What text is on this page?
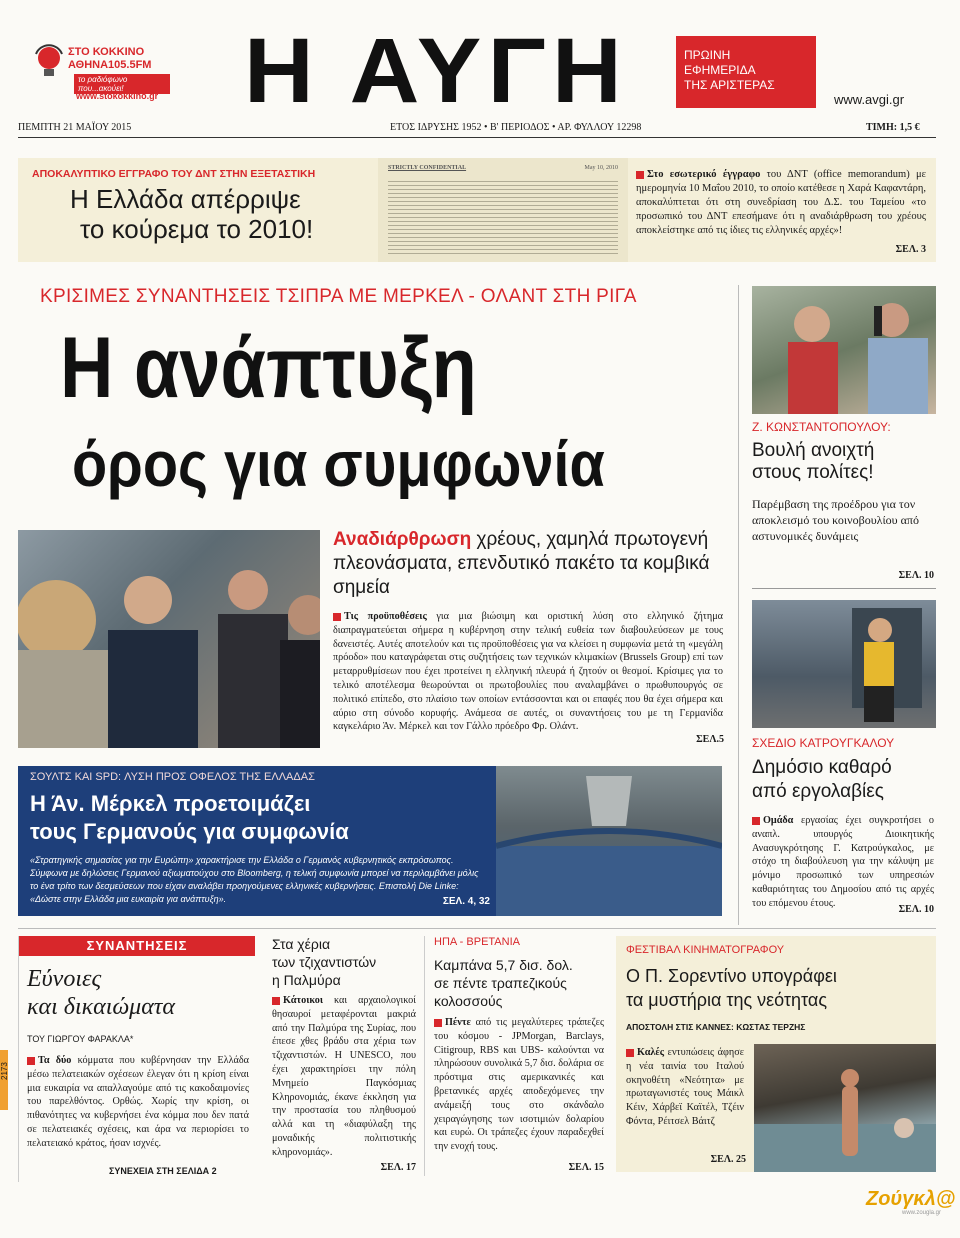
ΣΤΟ ΚΟΚΚΙΝΟ
ΑΘΗΝΑ105.5FM
το ραδιόφωνο που...ακούει!
www.stokokkino.gr Η ΑΥΓΗ	ΠΡΩΙΝΗ
ΕΦΗΜΕΡΙΔΑ
ΤΗΣ ΑΡΙΣΤΕΡΑΣ
www.avgi.gr
ΠΕΜΠΤΗ 21 ΜΑΪΟΥ 2015	ΕΤΟΣ ΙΔΡΥΣΗΣ 1952 • Β' ΠΕΡΙΟΔΟΣ • ΑΡ. ΦΥΛΛΟΥ 12298	ΤΙΜΗ: 1,5 €
ΑΠΟΚΑΛΥΠΤΙΚΟ ΕΓΓΡΑΦΟ ΤΟΥ ΔΝΤ ΣΤΗΝ ΕΞΕΤΑΣΤΙΚΗ
Η Ελλάδα απέρριψε
το κούρεμα το 2010!
STRICTLY CONFIDENTIAL	May 10, 2010
Στο εσωτερικό έγγραφο του ΔΝΤ (office memorandum) με ημερομηνία 10 Μαΐου 2010, το οποίο κατέθεσε η Χαρά Καφαντάρη, αποκαλύπτεται ότι στη συνεδρίαση του Δ.Σ. του Ταμείου «το προσωπικό του ΔΝΤ επεσήμανε ότι η αναδιάρθρωση του χρέους αποκλείστηκε από τις ίδιες τις ελληνικές αρχές»!
ΣΕΛ. 3
ΚΡΙΣΙΜΕΣ ΣΥΝΑΝΤΗΣΕΙΣ ΤΣΙΠΡΑ ΜΕ ΜΕΡΚΕΛ - ΟΛΑΝΤ ΣΤΗ ΡΙΓΑ
Η ανάπτυξη
όρος για συμφωνία
Αναδιάρθρωση χρέους, χαμηλά πρωτογενή πλεονάσματα, επενδυτικό πακέτο τα κομβικά σημεία
Τις προϋποθέσεις για μια βιώσιμη και οριστική λύση στο ελληνικό ζήτημα διαπραγματεύεται σήμερα η κυβέρνηση στην τελική ευθεία των διαβουλεύσεων με τους δανειστές. Αυτές αποτελούν και τις προϋποθέσεις για να κλείσει η συμφωνία μετά τη «μεγάλη πρόοδο» που καταγράφεται στις συζητήσεις των τεχνικών κλιμακίων (Brussels Group) επί των μεταρρυθμίσεων που έχει προτείνει η ελληνική πλευρά ή ζητούν οι θεσμοί. Κρίσιμες για το τελικό αποτέλεσμα θεωρούνται οι πρωτοβουλίες που αναλαμβάνει ο πρωθυπουργός σε πολιτικό επίπεδο, στο πλαίσιο των οποίων εντάσσονται και οι επαφές που θα έχει σήμερα και αύριο στη σύνοδο κορυφής. Ανάμεσα σε αυτές, οι συναντήσεις του με τη Γερμανίδα καγκελάριο Άν. Μέρκελ και τον Γάλλο πρόεδρο Φρ. Ολάντ.
ΣΕΛ.5
Ζ. ΚΩΝΣΤΑΝΤΟΠΟΥΛΟΥ:
Βουλή ανοιχτή
στους πολίτες!
Παρέμβαση της προέδρου για τον αποκλεισμό του κοινοβουλίου από αστυνομικές δυνάμεις
ΣΕΛ. 10
ΣΧΕΔΙΟ ΚΑΤΡΟΥΓΚΑΛΟΥ
Δημόσιο καθαρό
από εργολαβίες
Ομάδα εργασίας έχει συγκροτήσει ο αναπλ. υπουργός Διοικητικής Ανασυγκρότησης Γ. Κατρούγκαλος, με στόχο τη διαβούλευση για την κάλυψη με μόνιμο προσωπικό των υπηρεσιών καθαριότητας του Δημοσίου από τις αρχές του επόμενου έτους.
ΣΕΛ. 10
ΣΟΥΛΤΣ ΚΑΙ SPD: ΛΥΣΗ ΠΡΟΣ ΟΦΕΛΟΣ ΤΗΣ ΕΛΛΑΔΑΣ
Η Άν. Μέρκελ προετοιμάζει
τους Γερμανούς για συμφωνία
«Στρατηγικής σημασίας για την Ευρώπη» χαρακτήρισε την Ελλάδα ο Γερμανός κυβερνητικός εκπρόσωπος. Σύμφωνα με δηλώσεις Γερμανού αξιωματούχου στο Bloomberg, η τελική συμφωνία μπορεί να περιλαμβάνει μόλις το ένα τρίτο των δεσμεύσεων που είχαν αναλάβει προηγούμενες ελληνικές κυβερνήσεις. Επιστολή Die Linke: «Δώστε στην Ελλάδα μια ευκαιρία για ανάπτυξη».	ΣΕΛ. 4, 32
ΣΥΝΑΝΤΗΣΕΙΣ
Εύνοιες
και δικαιώματα
ΤΟΥ ΓΙΩΡΓΟΥ ΦΑΡΑΚΛΑ*
Τα δύο κόμματα που κυβέρνησαν την Ελλάδα μέσω πελατειακών σχέσεων έλεγαν ότι η κρίση είναι μια ευκαιρία να απαλλαγούμε από τις κακοδαιμονίες του παρελθόντος. Ορθώς. Χωρίς την κρίση, οι πιθανότητες να κυβερνήσει ένα κόμμα που δεν πατά σε πελατειακές σχέσεις, και άρα να περιορίσει το πελατειακό κράτος, ήσαν ισχνές.
ΣΥΝΕΧΕΙΑ ΣΤΗ ΣΕΛΙΔΑ 2
Στα χέρια
των τζιχαντιστών
η Παλμύρα
Κάτοικοι και αρχαιολογικοί θησαυροί μεταφέρονται μακριά από την Παλμύρα της Συρίας, που έπεσε χθες βράδυ στα χέρια των τζιχαντιστών. Η UNESCO, που έχει χαρακτηρίσει την πόλη Μνημείο Παγκόσμιας Κληρονομιάς, έκανε έκκληση για την προστασία του πληθυσμού αλλά και τη «διαφύλαξη της μοναδικής πολιτιστικής κληρονομιάς».
ΣΕΛ. 17
ΗΠΑ - ΒΡΕΤΑΝΙΑ
Καμπάνα 5,7 δισ. δολ.
σε πέντε τραπεζικούς
κολοσσούς
Πέντε από τις μεγαλύτερες τράπεζες του κόσμου - JPMorgan, Barclays, Citigroup, RBS και UBS- καλούνται να πληρώσουν συνολικά 5,7 δισ. δολάρια σε πρόστιμα στις αμερικανικές και βρετανικές αρχές αποδεχόμενες την ανάμειξή τους στο σκάνδαλο χειραγώγησης των ισοτιμιών δολαρίου και ευρώ. Οι τράπεζες έχουν παραδεχθεί την ενοχή τους.
ΣΕΛ. 15
ΦΕΣΤΙΒΑΛ ΚΙΝΗΜΑΤΟΓΡΑΦΟΥ
Ο Π. Σορεντίνο υπογράφει
τα μυστήρια της νεότητας
ΑΠΟΣΤΟΛΗ ΣΤΙΣ ΚΑΝΝΕΣ: ΚΩΣΤΑΣ ΤΕΡΖΗΣ
Καλές εντυπώσεις άφησε η νέα ταινία του Ιταλού σκηνοθέτη «Νεότητα» με πρωταγωνιστές τους Μάικλ Κέιν, Χάρβεϊ Καϊτέλ, Τζέιν Φόντα, Ρέιτσελ Βάιτζ
ΣΕΛ. 25
2173
Ζούγκλ@
www.zougla.gr
